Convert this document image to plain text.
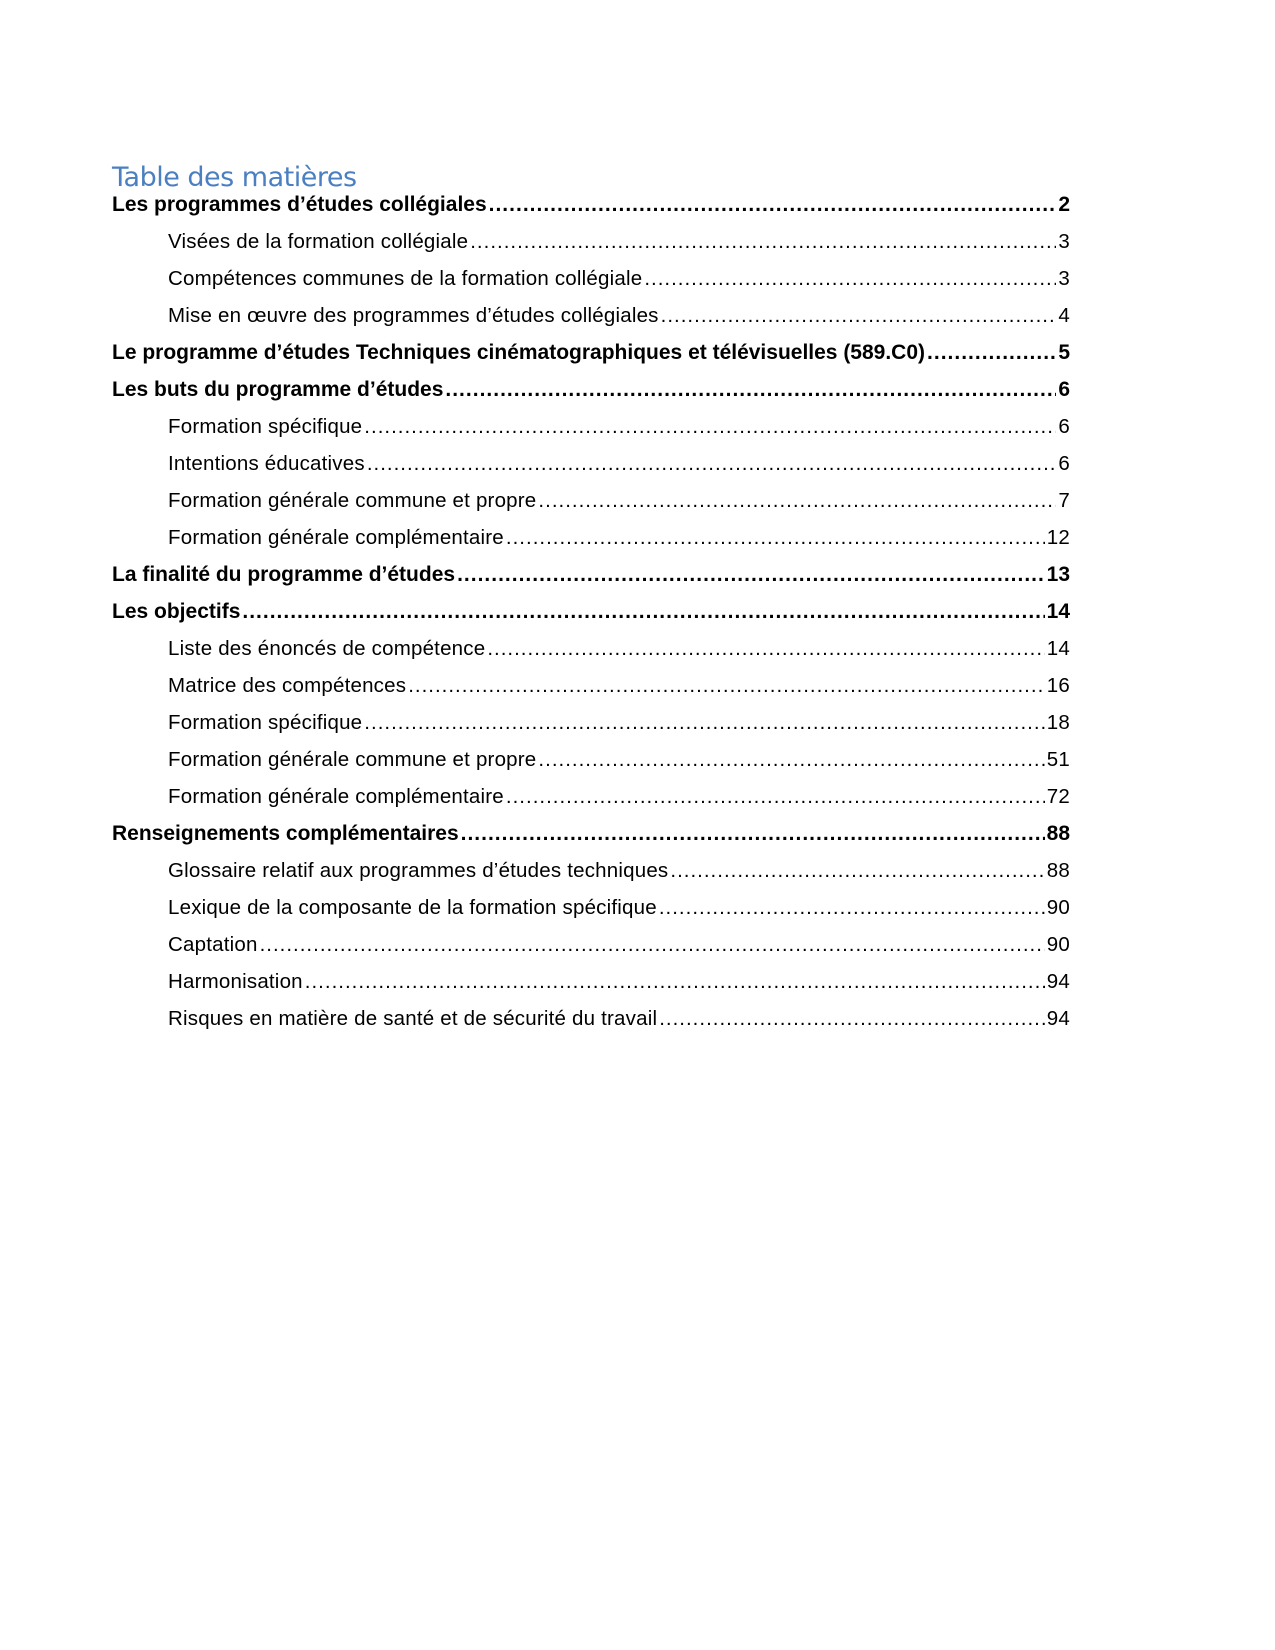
Table des matières
Les programmes d’études collégiales .....	2
Visées de la formation collégiale .....	3
Compétences communes de la formation collégiale .....	3
Mise en œuvre des programmes d’études collégiales .....	4
Le programme d’études Techniques cinématographiques et télévisuelles (589.C0) .....	5
Les buts du programme d’études .....	6
Formation spécifique .....	6
Intentions éducatives .....	6
Formation générale commune et propre .....	7
Formation générale complémentaire .....	12
La finalité du programme d’études .....	13
Les objectifs .....	14
Liste des énoncés de compétence .....	14
Matrice des compétences .....	16
Formation spécifique .....	18
Formation générale commune et propre .....	51
Formation générale complémentaire .....	72
Renseignements complémentaires .....	88
Glossaire relatif aux programmes d’études techniques .....	88
Lexique de la composante de la formation spécifique .....	90
Captation .....	90
Harmonisation .....	94
Risques en matière de santé et de sécurité du travail .....	94
